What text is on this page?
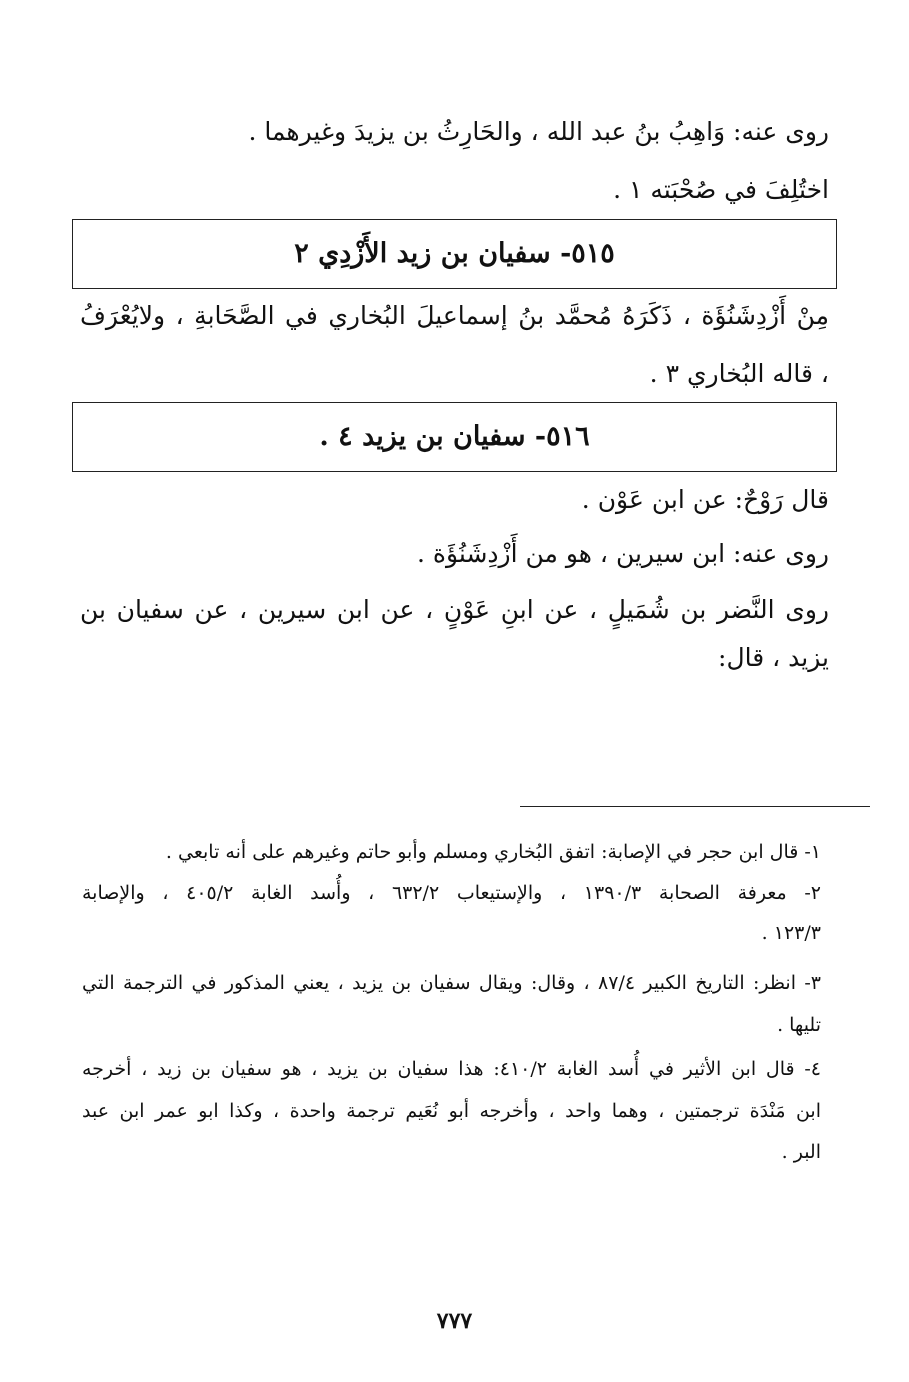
روى عنه: وَاهِبُ بنُ عبد الله ، والحَارِثُ بن يزيدَ وغيرهما .
اختُلِفَ في صُحْبَته ١ .
٥١٥- سفيان بن زيد الأَزْدِي ٢
مِنْ أَزْدِشَنُؤَة ، ذَكَرَهُ مُحمَّد بنُ إسماعيلَ البُخاري في الصَّحَابةِ ، ولايُعْرَفُ
، قاله البُخاري ٣ .
٥١٦- سفيان بن يزيد ٤ .
قال رَوْحٌ: عن ابن عَوْن .
روى عنه: ابن سيرين ، هو من أَزْدِشَنُؤَة .
روى النَّضر بن شُمَيلٍ ، عن ابنِ عَوْنٍ ، عن ابن سيرين ، عن سفيان بن
يزيد ، قال:
١- قال ابن حجر في الإصابة: اتفق البُخاري ومسلم وأبو حاتم وغيرهم على أنه تابعي .
٢- معرفة الصحابة ١٣٩٠/٣ ، والإستيعاب ٦٣٢/٢ ، وأُسد الغابة ٤٠٥/٢ ، والإصابة
١٢٣/٣ .
٣- انظر: التاريخ الكبير ٨٧/٤ ، وقال: ويقال سفيان بن يزيد ، يعني المذكور في الترجمة التي
تليها .
٤- قال ابن الأثير في أُسد الغابة ٤١٠/٢: هذا سفيان بن يزيد ، هو سفيان بن زيد ، أخرجه
ابن مَنْدَة ترجمتين ، وهما واحد ، وأخرجه أبو نُعَيم ترجمة واحدة ، وكذا ابو عمر ابن عبد
البر .
٧٧٧
